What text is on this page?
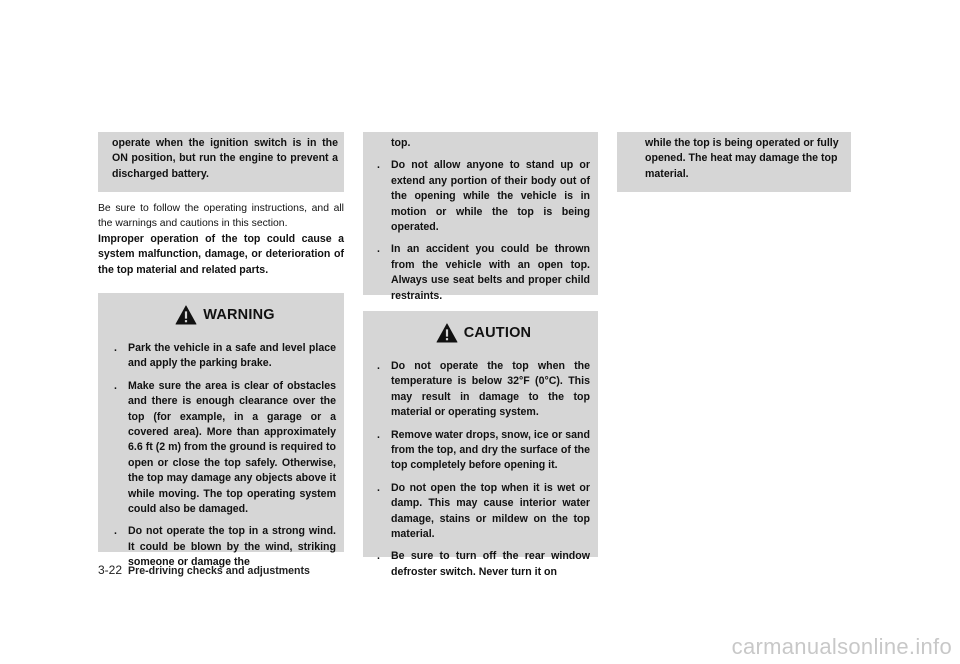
operate when the ignition switch is in the ON position, but run the engine to prevent a discharged battery.

Be sure to follow the operating instructions, and all the warnings and cautions in this section.

Improper operation of the top could cause a system malfunction, damage, or deterioration of the top material and related parts.

WARNING
. Park the vehicle in a safe and level place and apply the parking brake.
. Make sure the area is clear of obstacles and there is enough clearance over the top (for example, in a garage or a covered area). More than approximately 6.6 ft (2 m) from the ground is required to open or close the top safely. Otherwise, the top may damage any objects above it while moving. The top operating system could also be damaged.
. Do not operate the top in a strong wind. It could be blown by the wind, striking someone or damage the

top.

. Do not allow anyone to stand up or extend any portion of their body out of the opening while the vehicle is in motion or while the top is being operated.
. In an accident you could be thrown from the vehicle with an open top. Always use seat belts and proper child restraints.
CAUTION
. Do not operate the top when the temperature is below 32°F (0°C). This may result in damage to the top material or operating system.
. Remove water drops, snow, ice or sand from the top, and dry the surface of the top completely before opening it.
. Do not open the top when it is wet or damp. This may cause interior water damage, stains or mildew on the top material.
. Be sure to turn off the rear window defroster switch. Never turn it on

while the top is being operated or fully opened. The heat may damage the top material.

3-22 Pre-driving checks and adjustments
carmanualsonline.info
